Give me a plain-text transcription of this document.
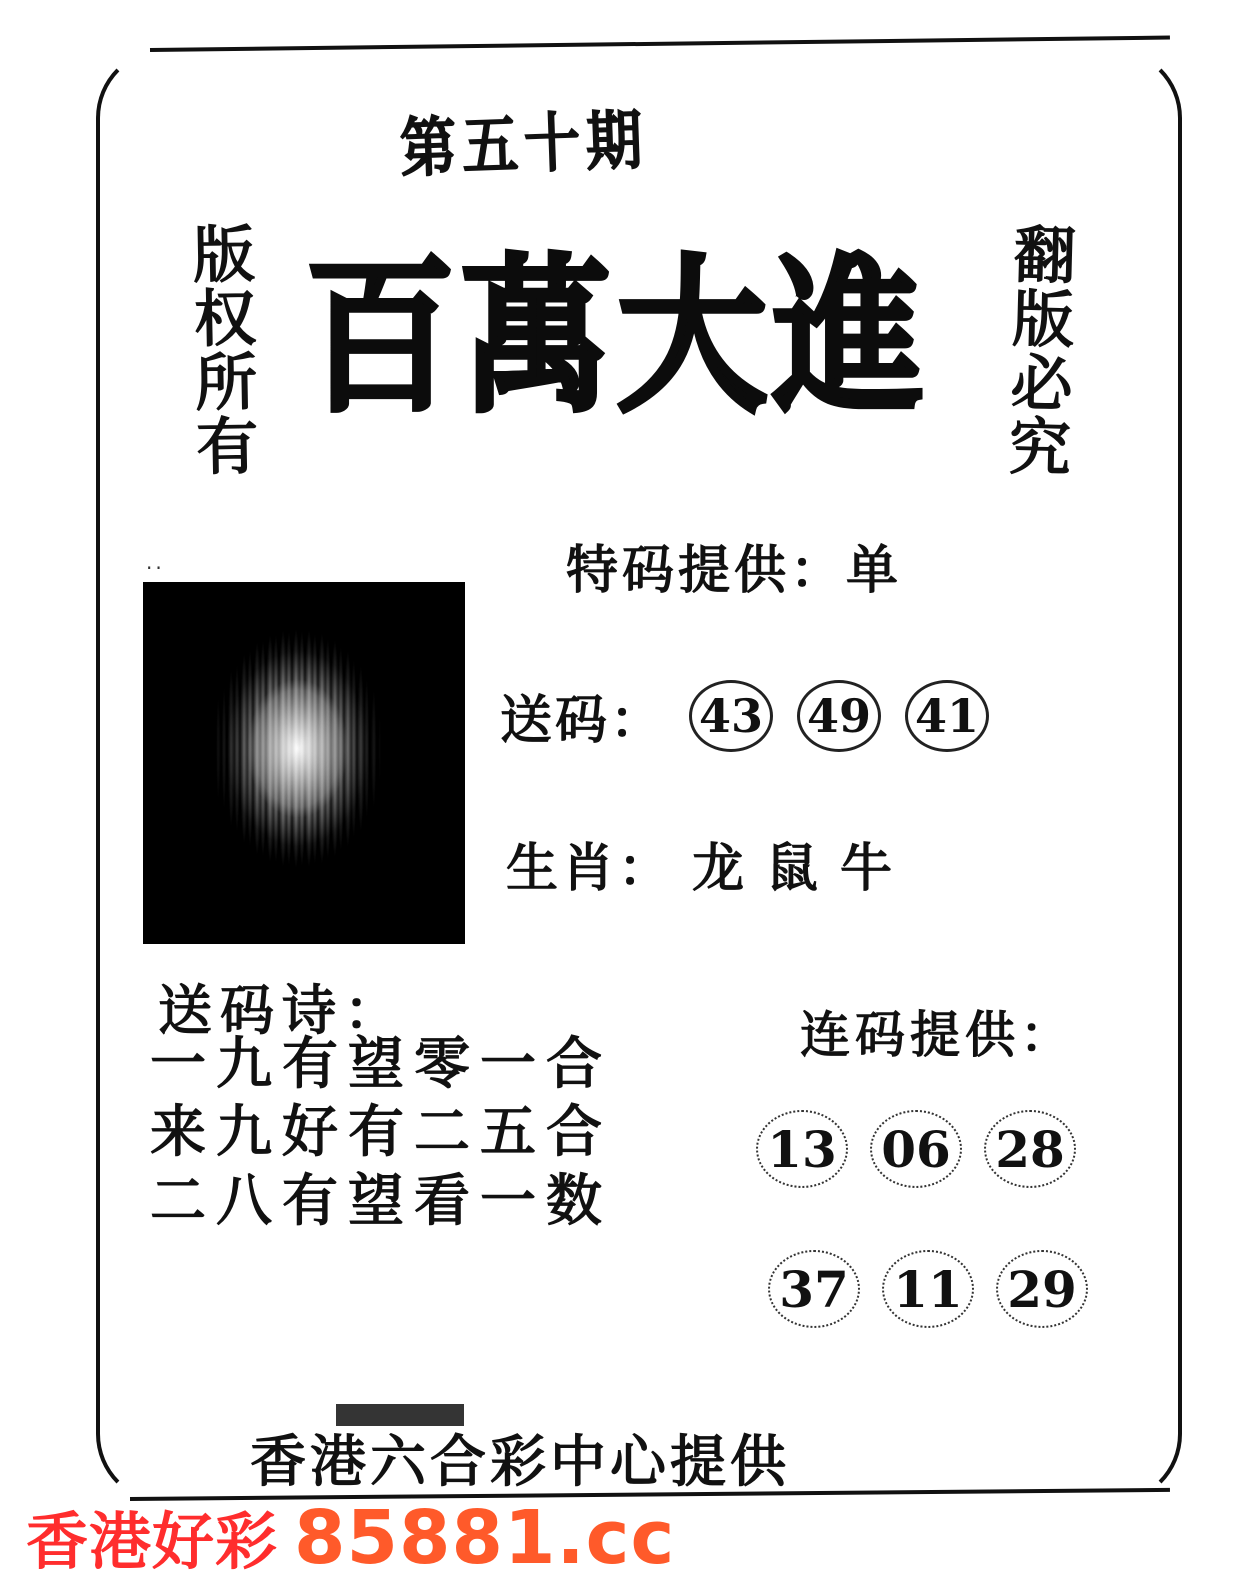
第五十期
版权所有	翻版必究
百萬大進
··	特码提供：单
送码： 43 49 41
生肖： 龙 鼠 牛
送码诗：
一九有望零一合
来九好有二五合
二八有望看一数
连码提供：
13 06 28
37 11 29
香港六合彩中心提供
香港好彩 85881.cc
